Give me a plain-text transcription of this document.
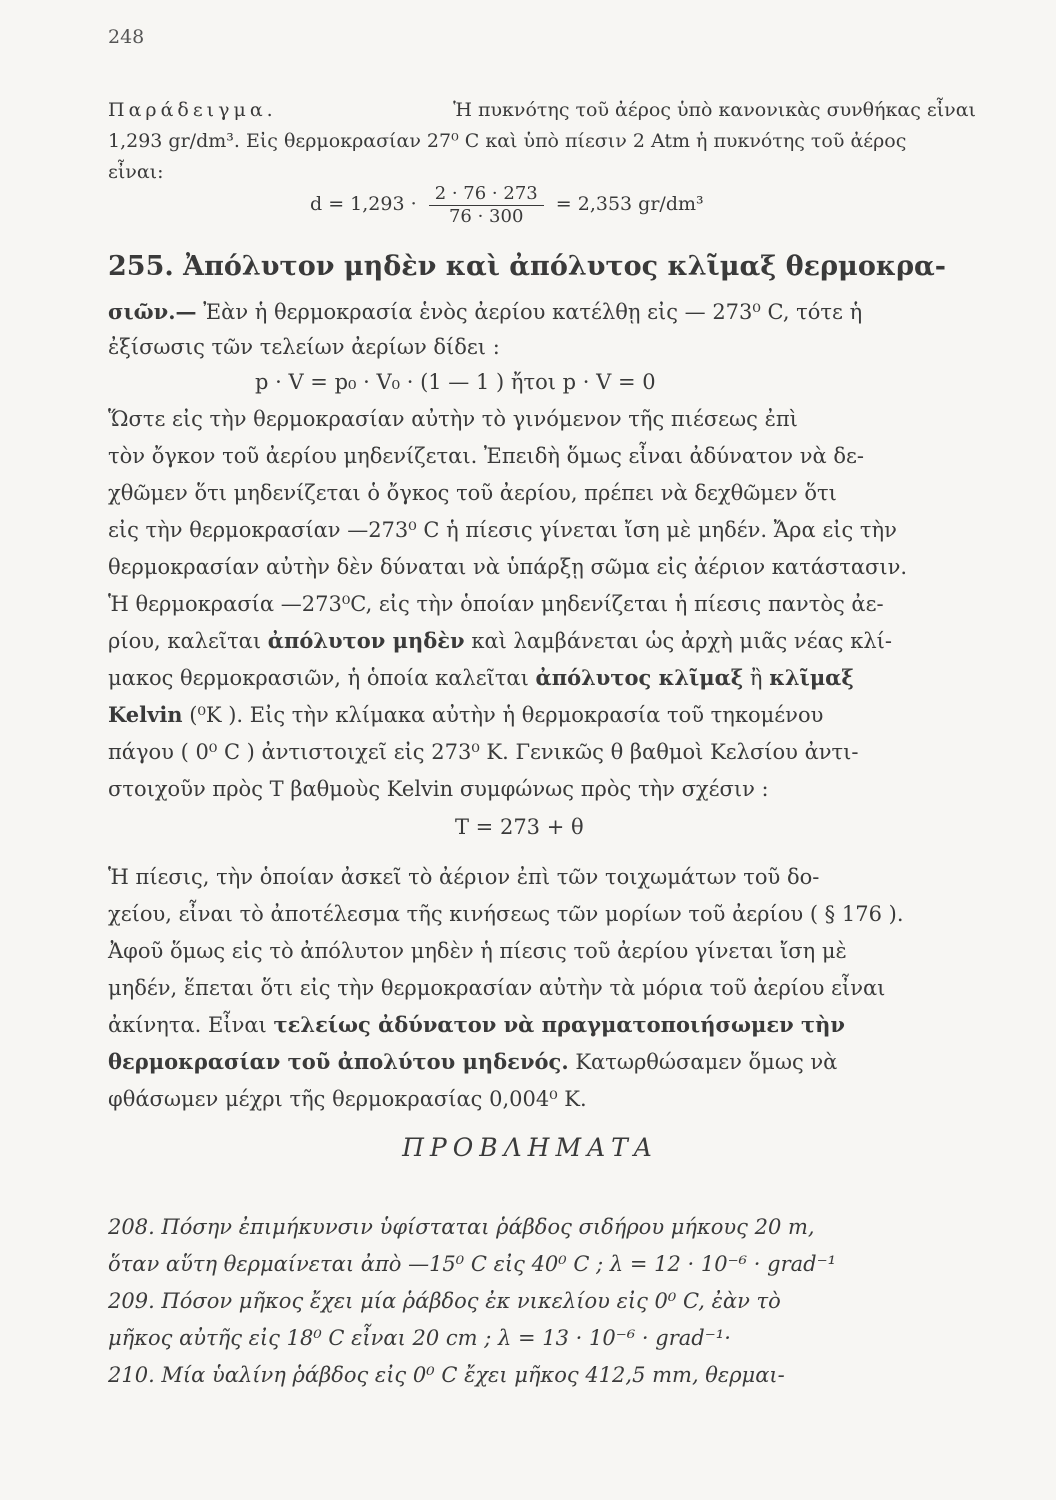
248
Παράδειγμα.	Ἡ πυκνότης τοῦ ἀέρος ὑπὸ κανονικὰς συνθήκας εἶναι
1,293 gr/dm³. Εἰς θερμοκρασίαν 27⁰ C καὶ ὑπὸ πίεσιν 2 Atm ἡ πυκνότης τοῦ ἀέρος
εἶναι:
$d = 1,293 \cdot \frac{2 \cdot 76 \cdot 273}{76 \cdot 300} = 2,353$ gr/dm³
255. Ἀπόλυτον μηδὲν καὶ ἀπόλυτος κλῖμαξ θερμοκρα-
σιῶν.— Ἐὰν ἡ θερμοκρασία ἑνὸς ἀερίου κατέλθῃ εἰς — 273⁰ C, τότε ἡ
ἐξίσωσις τῶν τελείων ἀερίων δίδει :
p · V = p₀ · V₀ · (1 — 1 ) ἤτοι p · V = 0
Ὥστε εἰς τὴν θερμοκρασίαν αὐτὴν τὸ γινόμενον τῆς πιέσεως ἐπὶ
τὸν ὄγκον τοῦ ἀερίου μηδενίζεται. Ἐπειδὴ ὅμως εἶναι ἀδύνατον νὰ δε-
χθῶμεν ὅτι μηδενίζεται ὁ ὄγκος τοῦ ἀερίου, πρέπει νὰ δεχθῶμεν ὅτι
εἰς τὴν θερμοκρασίαν —273⁰ C ἡ πίεσις γίνεται ἴση μὲ μηδέν. Ἄρα εἰς τὴν
θερμοκρασίαν αὐτὴν δὲν δύναται νὰ ὑπάρξῃ σῶμα εἰς ἀέριον κατάστασιν.
Ἡ θερμοκρασία —273⁰C, εἰς τὴν ὁποίαν μηδενίζεται ἡ πίεσις παντὸς ἀε-
ρίου, καλεῖται ἀπόλυτον μηδὲν καὶ λαμβάνεται ὡς ἀρχὴ μιᾶς νέας κλί-
μακος θερμοκρασιῶν, ἡ ὁποία καλεῖται ἀπόλυτος κλῖμαξ ἢ κλῖμαξ
Kelvin (⁰K ). Εἰς τὴν κλίμακα αὐτὴν ἡ θερμοκρασία τοῦ τηκομένου
πάγου ( 0⁰ C ) ἀντιστοιχεῖ εἰς 273⁰ K. Γενικῶς θ βαθμοὶ Κελσίου ἀντι-
στοιχοῦν πρὸς T βαθμοὺς Kelvin συμφώνως πρὸς τὴν σχέσιν :
T = 273 + θ
Ἡ πίεσις, τὴν ὁποίαν ἀσκεῖ τὸ ἀέριον ἐπὶ τῶν τοιχωμάτων τοῦ δο-
χείου, εἶναι τὸ ἀποτέλεσμα τῆς κινήσεως τῶν μορίων τοῦ ἀερίου ( § 176 ).
Ἀφοῦ ὅμως εἰς τὸ ἀπόλυτον μηδὲν ἡ πίεσις τοῦ ἀερίου γίνεται ἴση μὲ
μηδέν, ἕπεται ὅτι εἰς τὴν θερμοκρασίαν αὐτὴν τὰ μόρια τοῦ ἀερίου εἶναι
ἀκίνητα. Εἶναι τελείως ἀδύνατον νὰ πραγματοποιήσωμεν τὴν
θερμοκρασίαν τοῦ ἀπολύτου μηδενός. Κατωρθώσαμεν ὅμως νὰ
φθάσωμεν μέχρι τῆς θερμοκρασίας 0,004⁰ K.
ΠΡΟΒΛΗΜΑΤΑ
208. Πόσην ἐπιμήκυνσιν ὑφίσταται ῥάβδος σιδήρου μήκους 20 m,
ὅταν αὕτη θερμαίνεται ἀπὸ —15⁰ C εἰς 40⁰ C ; λ = 12 · 10⁻⁶ · grad⁻¹
209. Πόσον μῆκος ἔχει μία ῥάβδος ἐκ νικελίου εἰς 0⁰ C, ἐὰν τὸ
μῆκος αὐτῆς εἰς 18⁰ C εἶναι 20 cm ; λ = 13 · 10⁻⁶ · grad⁻¹·
210. Μία ὑαλίνη ῥάβδος εἰς 0⁰ C ἔχει μῆκος 412,5 mm, θερμαι-
